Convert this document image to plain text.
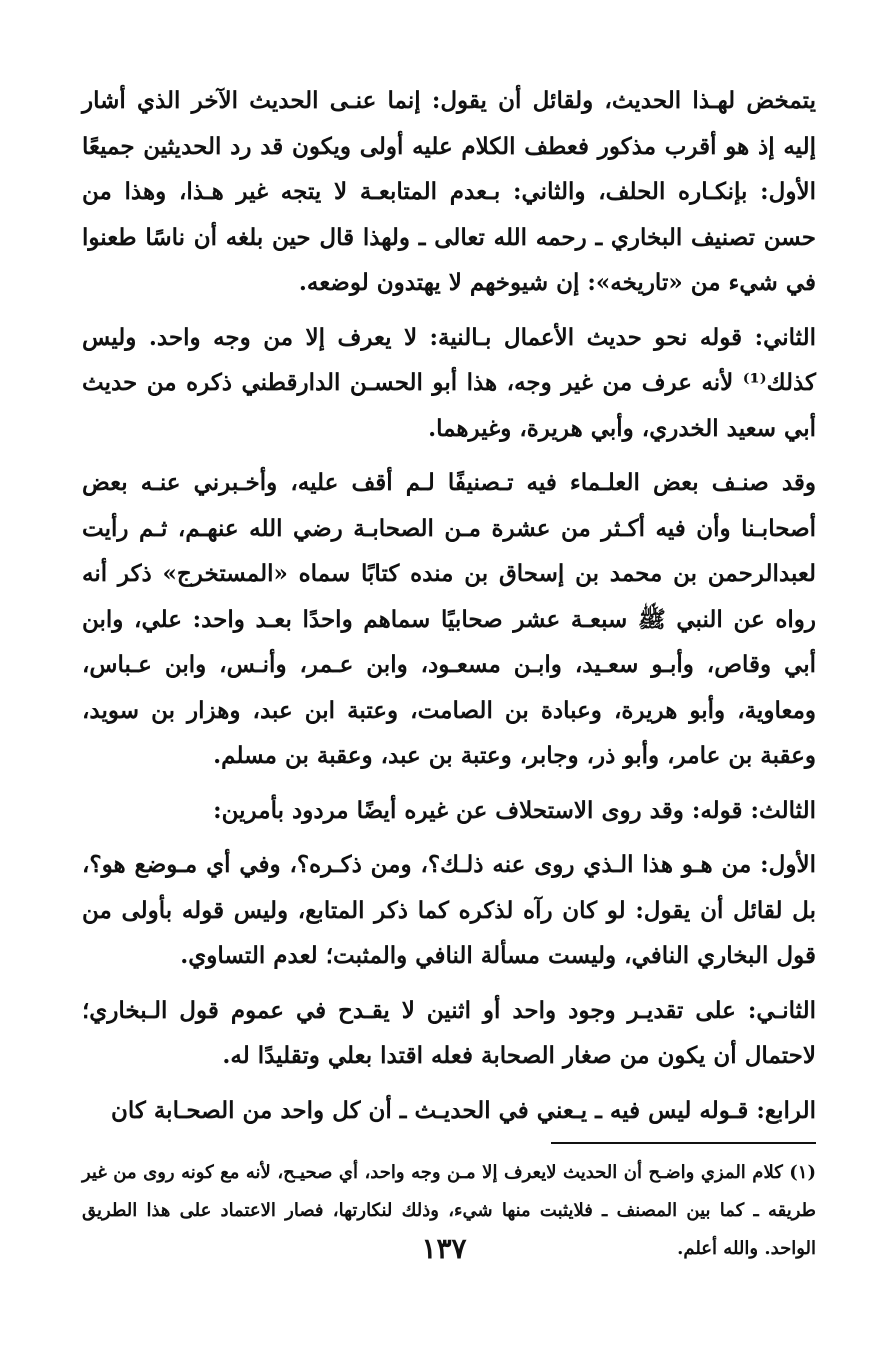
يتمخض لهـذا الحديث، ولقائل أن يقول: إنما عنـى الحديث الآخر الذي أشار إليه إذ هو أقرب مذكور فعطف الكلام عليه أولى ويكون قد رد الحديثين جميعًا الأول: بإنكـاره الحلف، والثاني: بـعدم المتابعـة لا يتجه غير هـذا، وهذا من حسن تصنيف البخاري ـ رحمه الله تعالى ـ ولهذا قال حين بلغه أن ناسًا طعنوا في شيء من «تاريخه»: إن شيوخهم لا يهتدون لوضعه.

الثاني: قوله نحو حديث الأعمال بـالنية: لا يعرف إلا من وجه واحد. وليس كذلك⁽¹⁾ لأنه عرف من غير وجه، هذا أبو الحسـن الدارقطني ذكره من حديث أبي سعيد الخدري، وأبي هريرة، وغيرهما.

وقد صنـف بعض العلـماء فيه تـصنيفًا لـم أقف عليه، وأخـبرني عنـه بعض أصحابـنا وأن فيه أكـثر من عشرة مـن الصحابـة رضي الله عنهـم، ثـم رأيت لعبدالرحمن بن محمد بن إسحاق بن منده كتابًا سماه «المستخرج» ذكر أنه رواه عن النبي ﷺ سبعـة عشر صحابيًا سماهم واحدًا بعـد واحد: علي، وابن أبي وقاص، وأبـو سعـيد، وابـن مسعـود، وابن عـمر، وأنـس، وابن عـباس، ومعاوية، وأبو هريرة، وعبادة بن الصامت، وعتبة ابن عبد، وهزار بن سويد، وعقبة بن عامر، وأبو ذر، وجابر، وعتبة بن عبد، وعقبة بن مسلم.

الثالث: قوله: وقد روى الاستحلاف عن غيره أيضًا مردود بأمرين:

الأول: من هـو هذا الـذي روى عنه ذلـك؟، ومن ذكـره؟، وفي أي مـوضع هو؟، بل لقائل أن يقول: لو كان رآه لذكره كما ذكر المتابع، وليس قوله بأولى من قول البخاري النافي، وليست مسألة النافي والمثبت؛ لعدم التساوي.

الثانـي: على تقديـر وجود واحد أو اثنين لا يقـدح في عموم قول الـبخاري؛ لاحتمال أن يكون من صغار الصحابة فعله اقتدا بعلي وتقليدًا له.

الرابع: قـوله ليس فيه ـ يـعني في الحديـث ـ أن كل واحد من الصحـابة كان

(١) كلام المزي واضـح أن الحديث لايعرف إلا مـن وجه واحد، أي صحيـح، لأنه مع كونه روى من غير طريقه ـ كما بين المصنف ـ فلايثبت منها شيء، وذلك لنكارتها، فصار الاعتماد على هذا الطريق الواحد. والله أعلم.

١٣٧
